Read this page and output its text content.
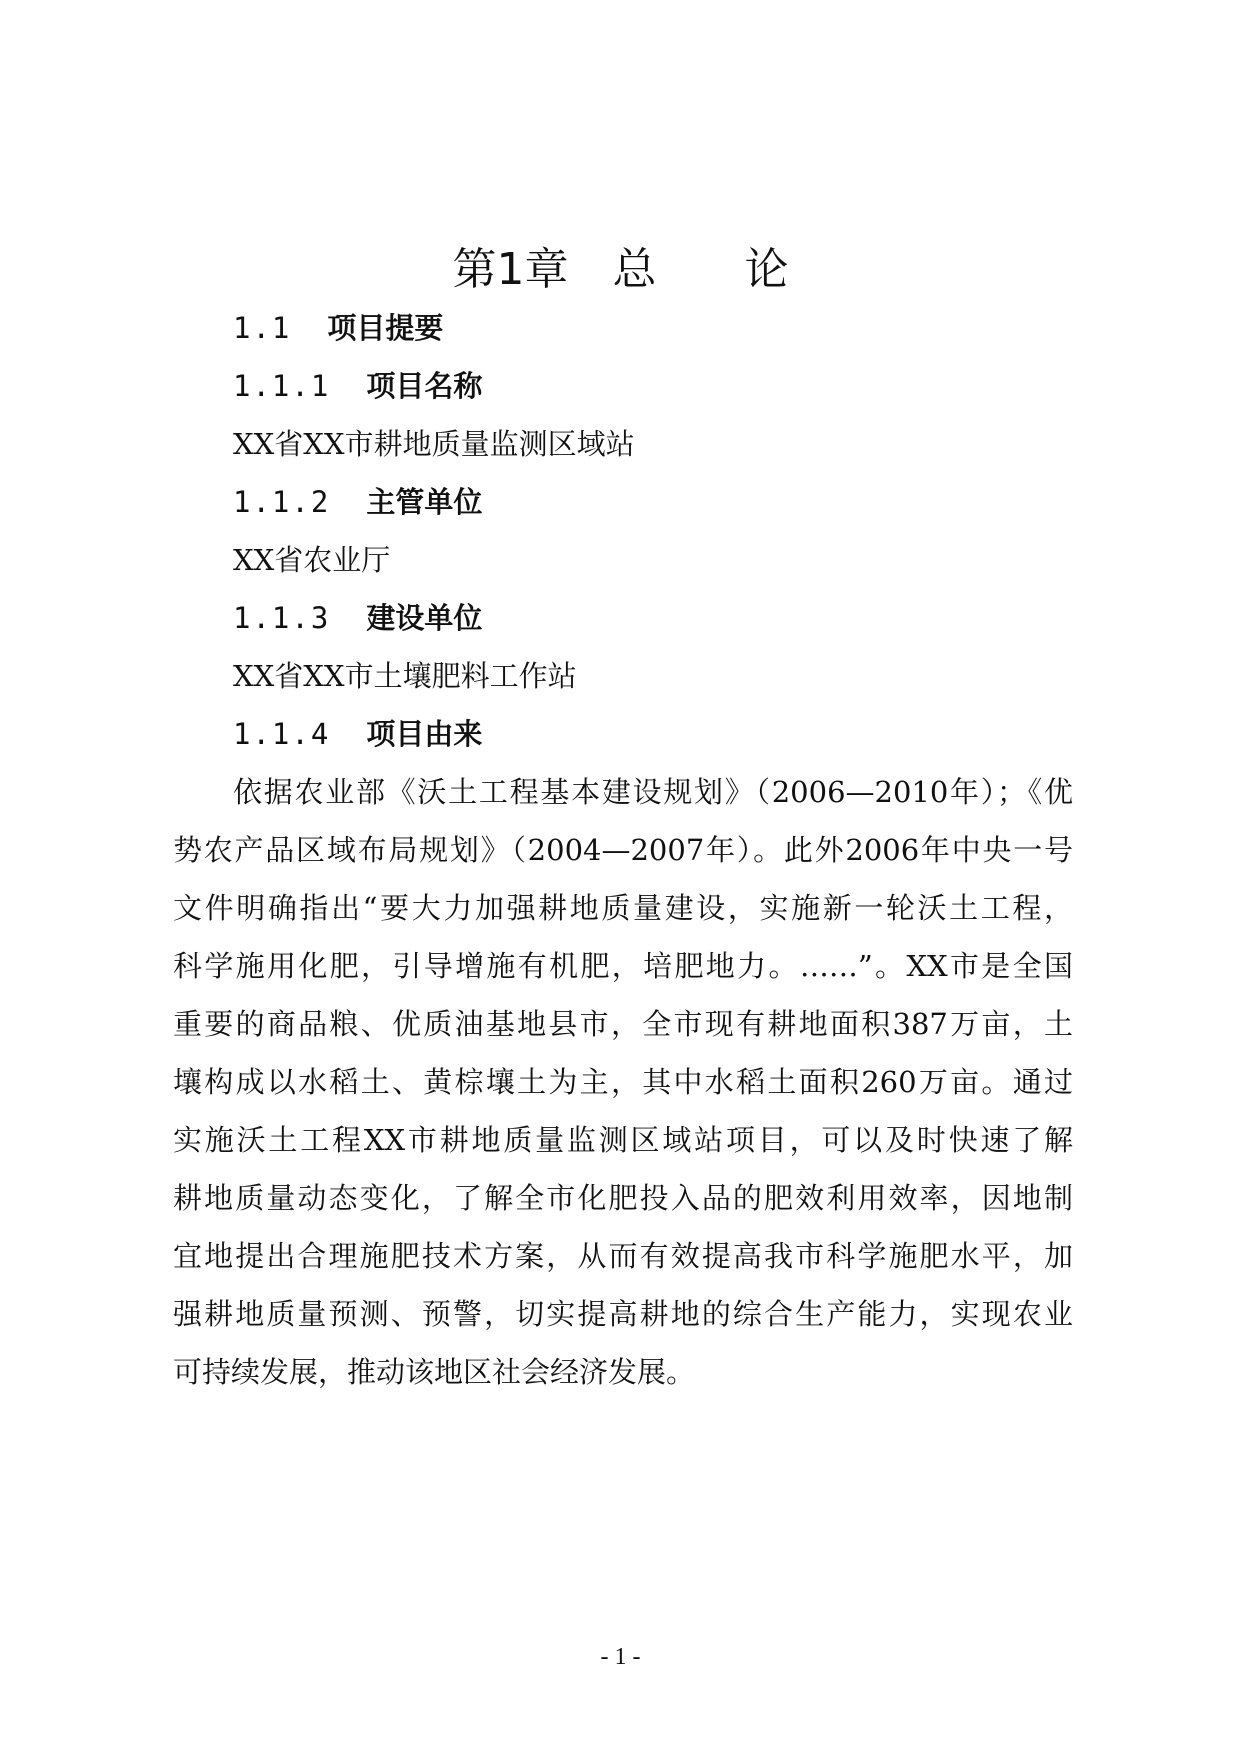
第1章　总　　论
1.1 项目提要
1.1.1 项目名称
XX省XX市耕地质量监测区域站
1.1.2 主管单位
XX省农业厅
1.1.3 建设单位
XX省XX市土壤肥料工作站
1.1.4 项目由来
依据农业部《沃土工程基本建设规划》（2006—2010年）；《优
势农产品区域布局规划》（2004—2007年）。此外2006年中央一号
文件明确指出“要大力加强耕地质量建设，实施新一轮沃土工程，
科学施用化肥，引导增施有机肥，培肥地力。……”。XX市是全国
重要的商品粮、优质油基地县市，全市现有耕地面积387万亩，土
壤构成以水稻土、黄棕壤土为主，其中水稻土面积260万亩。通过
实施沃土工程XX市耕地质量监测区域站项目，可以及时快速了解
耕地质量动态变化，了解全市化肥投入品的肥效利用效率，因地制
宜地提出合理施肥技术方案，从而有效提高我市科学施肥水平，加
强耕地质量预测、预警，切实提高耕地的综合生产能力，实现农业
可持续发展，推动该地区社会经济发展。
- 1 -
